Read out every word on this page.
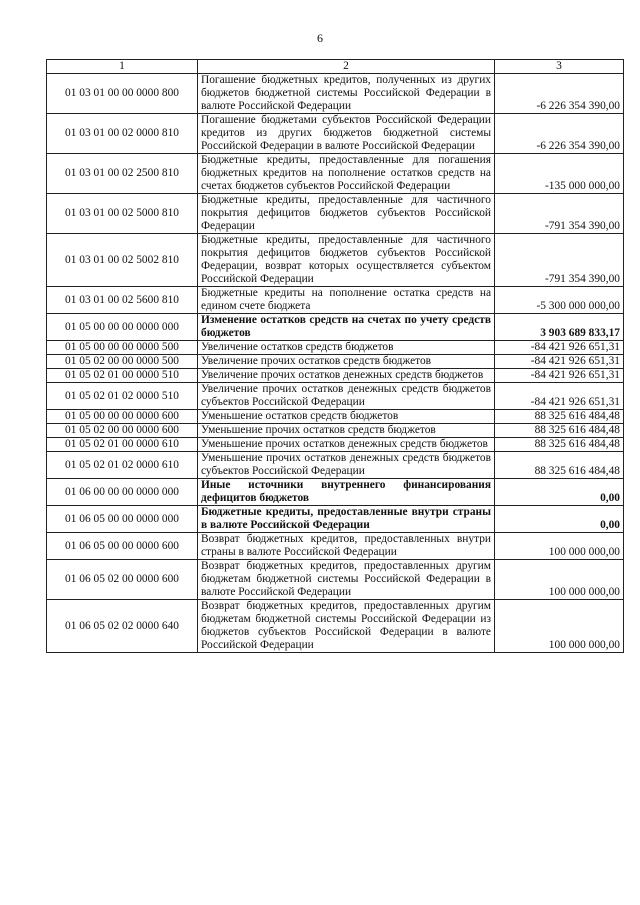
6
1	2	3
01 03 01 00 00 0000 800	Погашение бюджетных кредитов, полученных из других бюджетов бюджетной системы Российской Федерации в валюте Российской Федерации	-6 226 354 390,00
01 03 01 00 02 0000 810	Погашение бюджетами субъектов Российской Федерации кредитов из других бюджетов бюджетной системы Российской Федерации в валюте Российской Федерации	-6 226 354 390,00
01 03 01 00 02 2500 810	Бюджетные кредиты, предоставленные для погашения бюджетных кредитов на пополнение остатков средств на счетах бюджетов субъектов Российской Федерации	-135 000 000,00
01 03 01 00 02 5000 810	Бюджетные кредиты, предоставленные для частичного покрытия дефицитов бюджетов субъектов Российской Федерации	-791 354 390,00
01 03 01 00 02 5002 810	Бюджетные кредиты, предоставленные для частичного покрытия дефицитов бюджетов субъектов Российской Федерации, возврат которых осуществляется субъектом Российской Федерации	-791 354 390,00
01 03 01 00 02 5600 810	Бюджетные кредиты на пополнение остатка средств на едином счете бюджета	-5 300 000 000,00
01 05 00 00 00 0000 000	Изменение остатков средств на счетах по учету средств бюджетов	3 903 689 833,17
01 05 00 00 00 0000 500	Увеличение остатков средств бюджетов	-84 421 926 651,31
01 05 02 00 00 0000 500	Увеличение прочих остатков средств бюджетов	-84 421 926 651,31
01 05 02 01 00 0000 510	Увеличение прочих остатков денежных средств бюджетов	-84 421 926 651,31
01 05 02 01 02 0000 510	Увеличение прочих остатков денежных средств бюджетов субъектов Российской Федерации	-84 421 926 651,31
01 05 00 00 00 0000 600	Уменьшение остатков средств бюджетов	88 325 616 484,48
01 05 02 00 00 0000 600	Уменьшение прочих остатков средств бюджетов	88 325 616 484,48
01 05 02 01 00 0000 610	Уменьшение прочих остатков денежных средств бюджетов	88 325 616 484,48
01 05 02 01 02 0000 610	Уменьшение прочих остатков денежных средств бюджетов субъектов Российской Федерации	88 325 616 484,48
01 06 00 00 00 0000 000	Иные источники внутреннего финансирования дефицитов бюджетов	0,00
01 06 05 00 00 0000 000	Бюджетные кредиты, предоставленные внутри страны в валюте Российской Федерации	0,00
01 06 05 00 00 0000 600	Возврат бюджетных кредитов, предоставленных внутри страны в валюте Российской Федерации	100 000 000,00
01 06 05 02 00 0000 600	Возврат бюджетных кредитов, предоставленных другим бюджетам бюджетной системы Российской Федерации в валюте Российской Федерации	100 000 000,00
01 06 05 02 02 0000 640	Возврат бюджетных кредитов, предоставленных другим бюджетам бюджетной системы Российской Федерации из бюджетов субъектов Российской Федерации в валюте Российской Федерации	100 000 000,00
